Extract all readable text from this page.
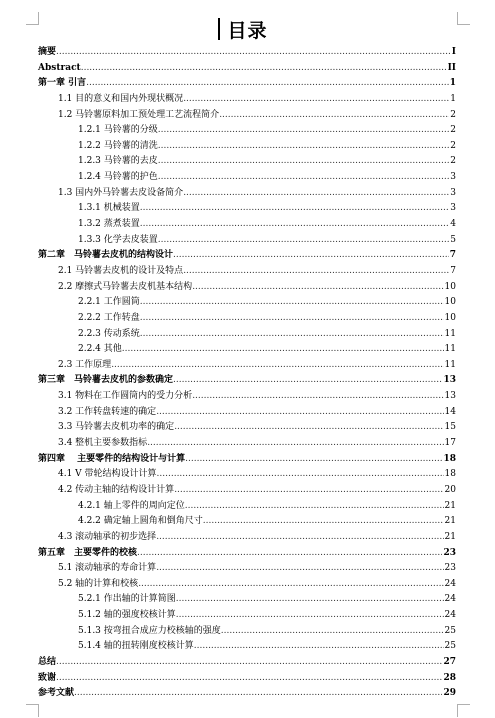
目录
摘要 .....	I
Abstract .....	II
第一章 引言 .....	1
1.1 目的意义和国内外现状概况 .....	1
1.2 马铃薯原料加工预处理工艺流程简介 .....	2
1.2.1 马铃薯的分级 .....	2
1.2.2 马铃薯的清洗 .....	2
1.2.3 马铃薯的去皮 .....	2
1.2.4 马铃薯的护色 .....	3
1.3 国内外马铃薯去皮设备简介 .....	3
1.3.1 机械装置 .....	3
1.3.2 蒸煮装置 .....	4
1.3.3 化学去皮装置 .....	5
第二章　马铃薯去皮机的结构设计 .....	7
2.1 马铃薯去皮机的设计及特点 .....	7
2.2 摩擦式马铃薯去皮机基本结构 .....	10
2.2.1 工作圆筒 .....	10
2.2.2 工作转盘 .....	10
2.2.3 传动系统 .....	11
2.2.4 其他 .....	11
2.3 工作原理 .....	11
第三章　马铃薯去皮机的参数确定 .....	13
3.1 物料在工作圆筒内的受力分析 .....	13
3.2 工作转盘转速的确定 .....	14
3.3 马铃薯去皮机功率的确定 .....	15
3.4 整机主要参数指标 .....	17
第四章　 主要零件的结构设计与计算 .....	18
4.1 V 带轮结构设计计算 .....	18
4.2 传动主轴的结构设计计算 .....	20
4.2.1 轴上零件的周向定位 .....	21
4.2.2 确定轴上圆角和倒角尺寸 .....	21
4.3 滚动轴承的初步选择 .....	21
第五章　主要零件的校核 .....	23
5.1 滚动轴承的寿命计算 .....	23
5.2 轴的计算和校核 .....	24
5.2.1 作出轴的计算简图 .....	24
5.1.2 轴的强度校核计算 .....	24
5.1.3 按弯扭合成应力校核轴的强度 .....	25
5.1.4 轴的扭转刚度校核计算 .....	25
总结 .....	27
致谢 .....	28
参考文献 .....	29
